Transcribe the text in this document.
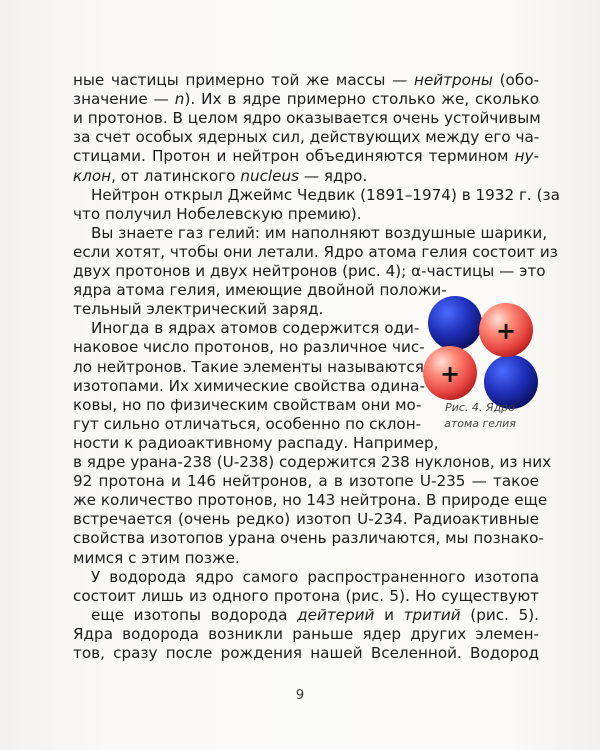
ные частицы примерно той же массы — нейтроны (обо-
значение — n). Их в ядре примерно столько же, сколько
и протонов. В целом ядро оказывается очень устойчивым
за счет особых ядерных сил, действующих между его ча-
стицами. Протон и нейтрон объединяются термином ну-
клон, от латинского nucleus — ядро.
Нейтрон открыл Джеймс Чедвик (1891–1974) в 1932 г. (за
что получил Нобелевскую премию).
Вы знаете газ гелий: им наполняют воздушные шарики,
если хотят, чтобы они летали. Ядро атома гелия состоит из
двух протонов и двух нейтронов (рис. 4); α-частицы — это
ядра атома гелия, имеющие двойной положи-
тельный электрический заряд.
Иногда в ядрах атомов содержится оди-
наковое число протонов, но различное чис-
ло нейтронов. Такие элементы называются
изотопами. Их химические свойства одина-
ковы, но по физическим свойствам они мо-
гут сильно отличаться, особенно по склон-
ности к радиоактивному распаду. Например,
в ядре урана-238 (U-238) содержится 238 нуклонов, из них
92 протона и 146 нейтронов, а в изотопе U-235 — такое
же количество протонов, но 143 нейтрона. В природе еще
встречается (очень редко) изотоп U-234. Радиоактивные
свойства изотопов урана очень различаются, мы познако-
мимся с этим позже.
У водорода ядро самого распространенного изотопа
состоит лишь из одного протона (рис. 5). Но существуют
еще изотопы водорода дейтерий и тритий (рис. 5).
Ядра водорода возникли раньше ядер других элемен-
тов, сразу после рождения нашей Вселенной. Водород
+
+
Рис. 4. Ядро
атома гелия
9
